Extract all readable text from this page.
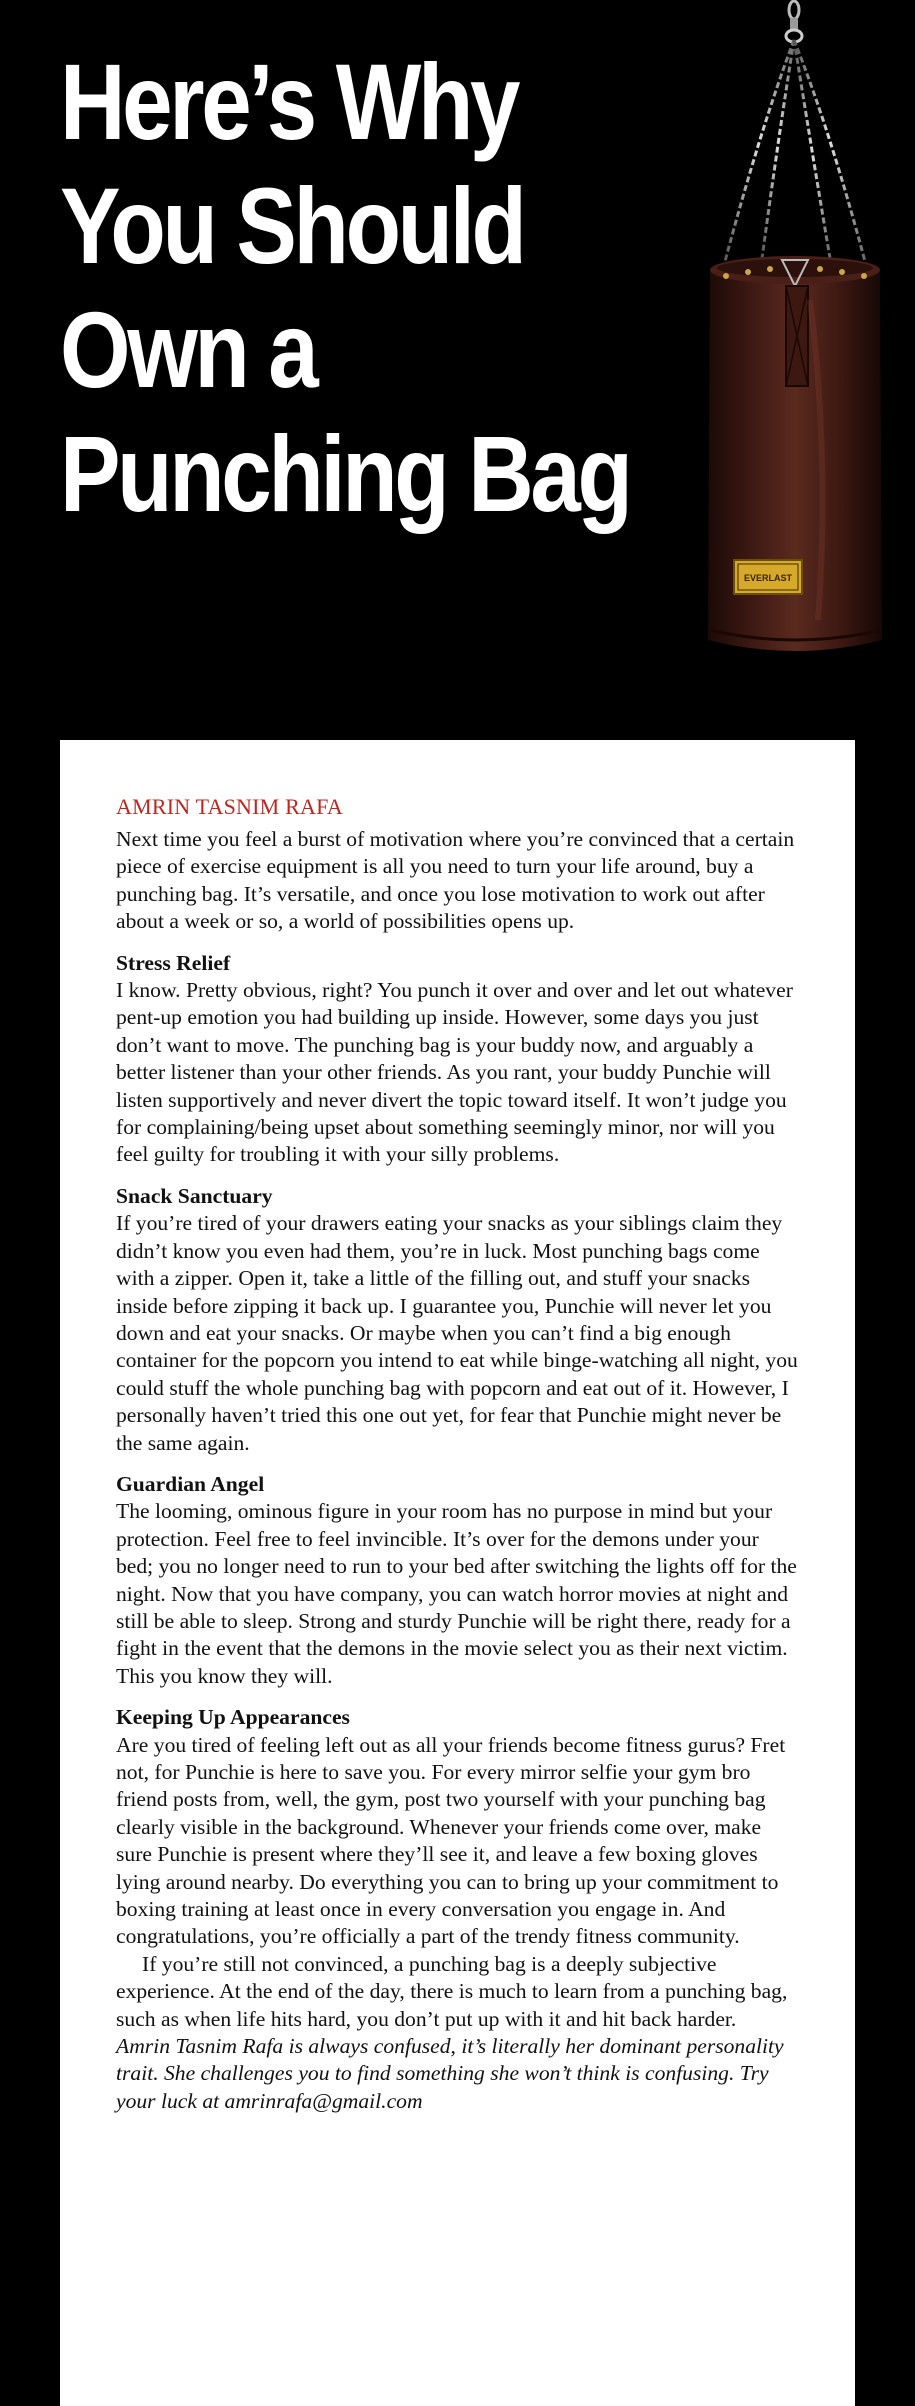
Here’s Why
You Should
Own a
Punching Bag
EVERLAST
AMRIN TASNIM RAFA

Next time you feel a burst of motivation where you’re convinced that a certain piece of exercise equipment is all you need to turn your life around, buy a punching bag. It’s versatile, and once you lose motivation to work out after about a week or so, a world of possibilities opens up.

Stress Relief

I know. Pretty obvious, right? You punch it over and over and let out whatever pent-up emotion you had building up inside. However, some days you just don’t want to move. The punching bag is your buddy now, and arguably a better listener than your other friends. As you rant, your buddy Punchie will listen supportively and never divert the topic toward itself. It won’t judge you for complaining/being upset about something seemingly minor, nor will you feel guilty for troubling it with your silly problems.

Snack Sanctuary

If you’re tired of your drawers eating your snacks as your siblings claim they didn’t know you even had them, you’re in luck. Most punching bags come with a zipper. Open it, take a little of the filling out, and stuff your snacks inside before zipping it back up. I guarantee you, Punchie will never let you down and eat your snacks. Or maybe when you can’t find a big enough container for the popcorn you intend to eat while binge-watching all night, you could stuff the whole punching bag with popcorn and eat out of it. However, I personally haven’t tried this one out yet, for fear that Punchie might never be the same again.

Guardian Angel

The looming, ominous figure in your room has no purpose in mind but your protection. Feel free to feel invincible. It’s over for the demons under your bed; you no longer need to run to your bed after switching the lights off for the night. Now that you have company, you can watch horror movies at night and still be able to sleep. Strong and sturdy Punchie will be right there, ready for a fight in the event that the demons in the movie select you as their next victim. This you know they will.

Keeping Up Appearances

Are you tired of feeling left out as all your friends become fitness gurus? Fret not, for Punchie is here to save you. For every mirror selfie your gym bro friend posts from, well, the gym, post two yourself with your punching bag clearly visible in the background. Whenever your friends come over, make sure Punchie is present where they’ll see it, and leave a few boxing gloves lying around nearby. Do everything you can to bring up your commitment to boxing training at least once in every conversation you engage in. And congratulations, you’re officially a part of the trendy fitness community.

If you’re still not convinced, a punching bag is a deeply subjective experience. At the end of the day, there is much to learn from a punching bag, such as when life hits hard, you don’t put up with it and hit back harder.

Amrin Tasnim Rafa is always confused, it’s literally her dominant personality trait. She challenges you to find something she won’t think is confusing. Try your luck at amrinrafa@gmail.com
